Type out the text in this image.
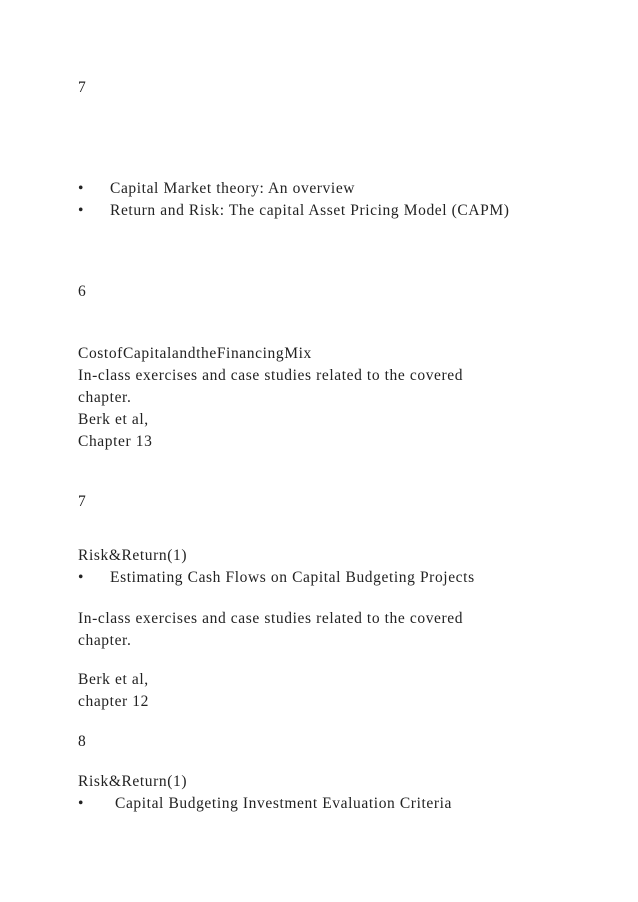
7
• Capital Market theory: An overview
• Return and Risk: The capital Asset Pricing Model (CAPM)
6
CostofCapitalandtheFinancingMix
In-class exercises and case studies related to the covered
chapter.
Berk et al,
Chapter 13
7
Risk&Return(1)
• Estimating Cash Flows on Capital Budgeting Projects
In-class exercises and case studies related to the covered
chapter.
Berk et al,
chapter 12
8
Risk&Return(1)
• Capital Budgeting Investment Evaluation Criteria
